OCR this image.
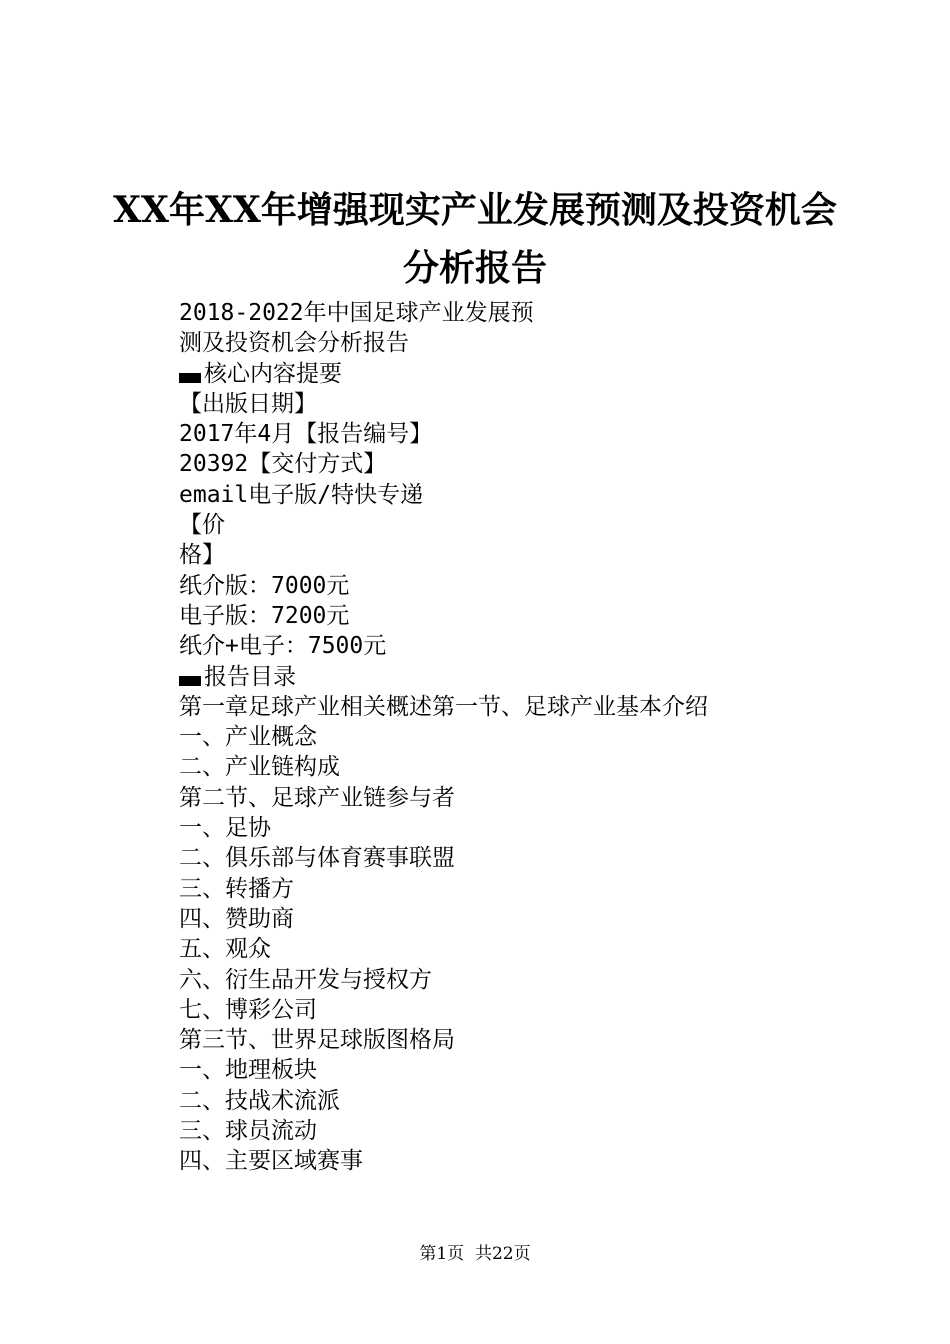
XX年XX年增强现实产业发展预测及投资机会
分析报告
2018-2022年中国足球产业发展预
测及投资机会分析报告
核心内容提要
【出版日期】
2017年4月【报告编号】
20392【交付方式】
email电子版/特快专递
【价
格】
纸介版：7000元
电子版：7200元
纸介+电子：7500元
报告目录
第一章足球产业相关概述第一节、足球产业基本介绍
一、产业概念
二、产业链构成
第二节、足球产业链参与者
一、足协
二、俱乐部与体育赛事联盟
三、转播方
四、赞助商
五、观众
六、衍生品开发与授权方
七、博彩公司
第三节、世界足球版图格局
一、地理板块
二、技战术流派
三、球员流动
四、主要区域赛事
第1页  共22页
